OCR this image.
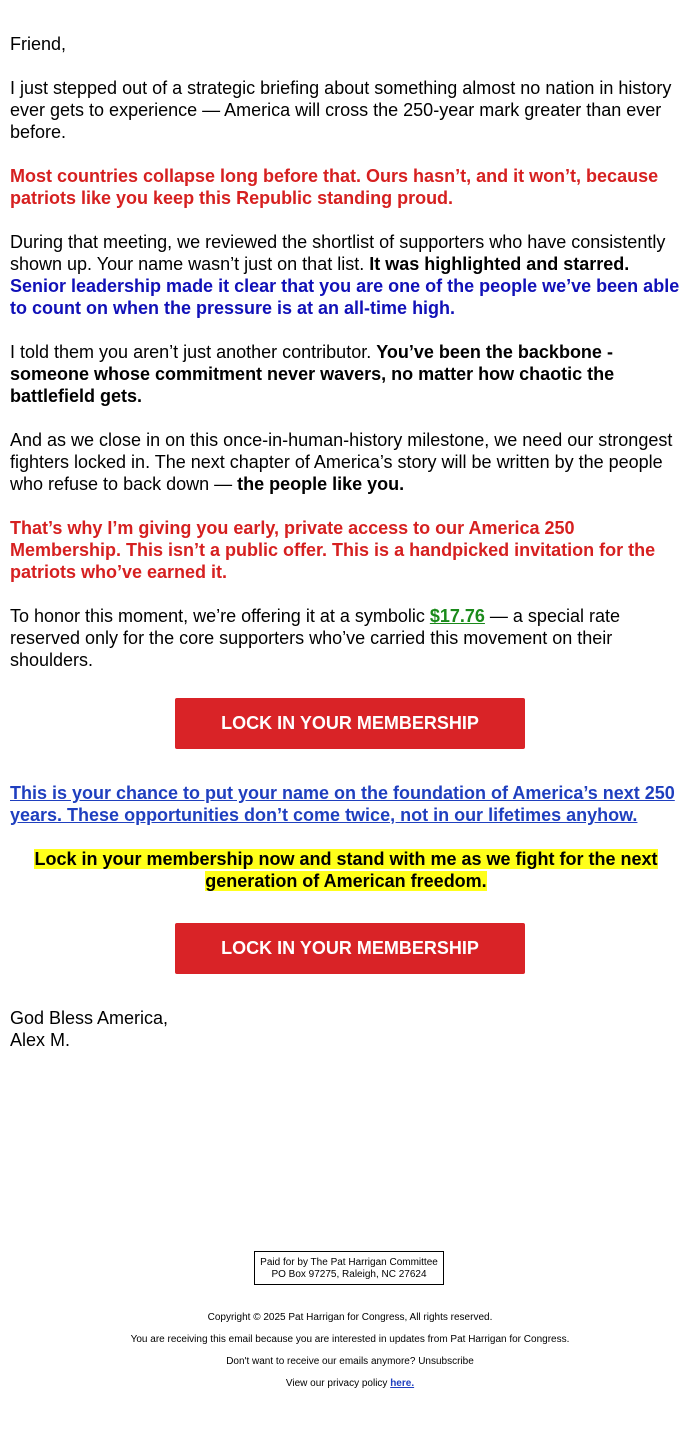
Friend,

I just stepped out of a strategic briefing about something almost no nation in history ever gets to experience — America will cross the 250-year mark greater than ever before.

Most countries collapse long before that. Ours hasn’t, and it won’t, because patriots like you keep this Republic standing proud.

During that meeting, we reviewed the shortlist of supporters who have consistently shown up. Your name wasn’t just on that list. It was highlighted and starred.
Senior leadership made it clear that you are one of the people we’ve been able to count on when the pressure is at an all-time high.

I told them you aren’t just another contributor. You’ve been the backbone - someone whose commitment never wavers, no matter how chaotic the battlefield gets.

And as we close in on this once-in-human-history milestone, we need our strongest fighters locked in. The next chapter of America’s story will be written by the people who refuse to back down — the people like you.

That’s why I’m giving you early, private access to our America 250 Membership. This isn’t a public offer. This is a handpicked invitation for the patriots who’ve earned it.

To honor this moment, we’re offering it at a symbolic $17.76 — a special rate reserved only for the core supporters who’ve carried this movement on their shoulders.

LOCK IN YOUR MEMBERSHIP

This is your chance to put your name on the foundation of America’s next 250 years. These opportunities don’t come twice, not in our lifetimes anyhow.

Lock in your membership now and stand with me as we fight for the next generation of American freedom.

LOCK IN YOUR MEMBERSHIP

God Bless America,
Alex M.

Paid for by The Pat Harrigan Committee
PO Box 97275, Raleigh, NC 27624
Copyright © 2025 Pat Harrigan for Congress, All rights reserved.
You are receiving this email because you are interested in updates from Pat Harrigan for Congress.
Don't want to receive our emails anymore? Unsubscribe
View our privacy policy here.
